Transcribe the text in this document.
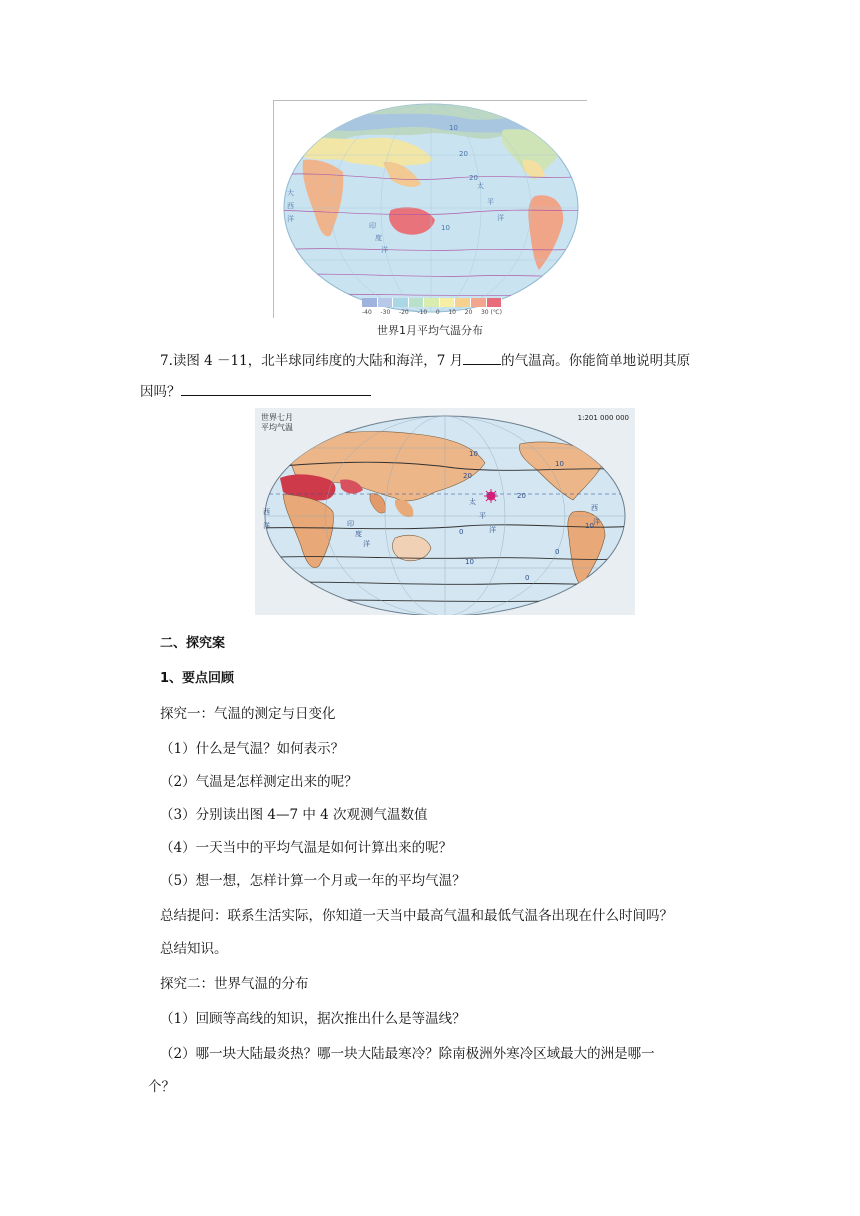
大
西
洋
印
度
洋
太
平
洋
10
20
20
10
-40 -30 -20 -10 0 10 20 30 (℃)
世界1月平均气温分布
7.读图 4 －11，北半球同纬度的大陆和海洋，7 月	的气温高。你能简单地说明其原
因吗？
世界七月
平均气温
1:201 000 000
西
洋	印
度
洋
太
平
洋
西
洋
20
10
10
20
10
0
0
10
0
二、探究案
1、要点回顾
探究一：气温的测定与日变化
（1）什么是气温？如何表示？
（2）气温是怎样测定出来的呢？
（3）分别读出图 4—7 中 4 次观测气温数值
（4）一天当中的平均气温是如何计算出来的呢？
（5）想一想，怎样计算一个月或一年的平均气温？
总结提问：联系生活实际，你知道一天当中最高气温和最低气温各出现在什么时间吗？
总结知识。
探究二：世界气温的分布
（1）回顾等高线的知识，据次推出什么是等温线？
（2）哪一块大陆最炎热？哪一块大陆最寒冷？除南极洲外寒冷区域最大的洲是哪一
个？
